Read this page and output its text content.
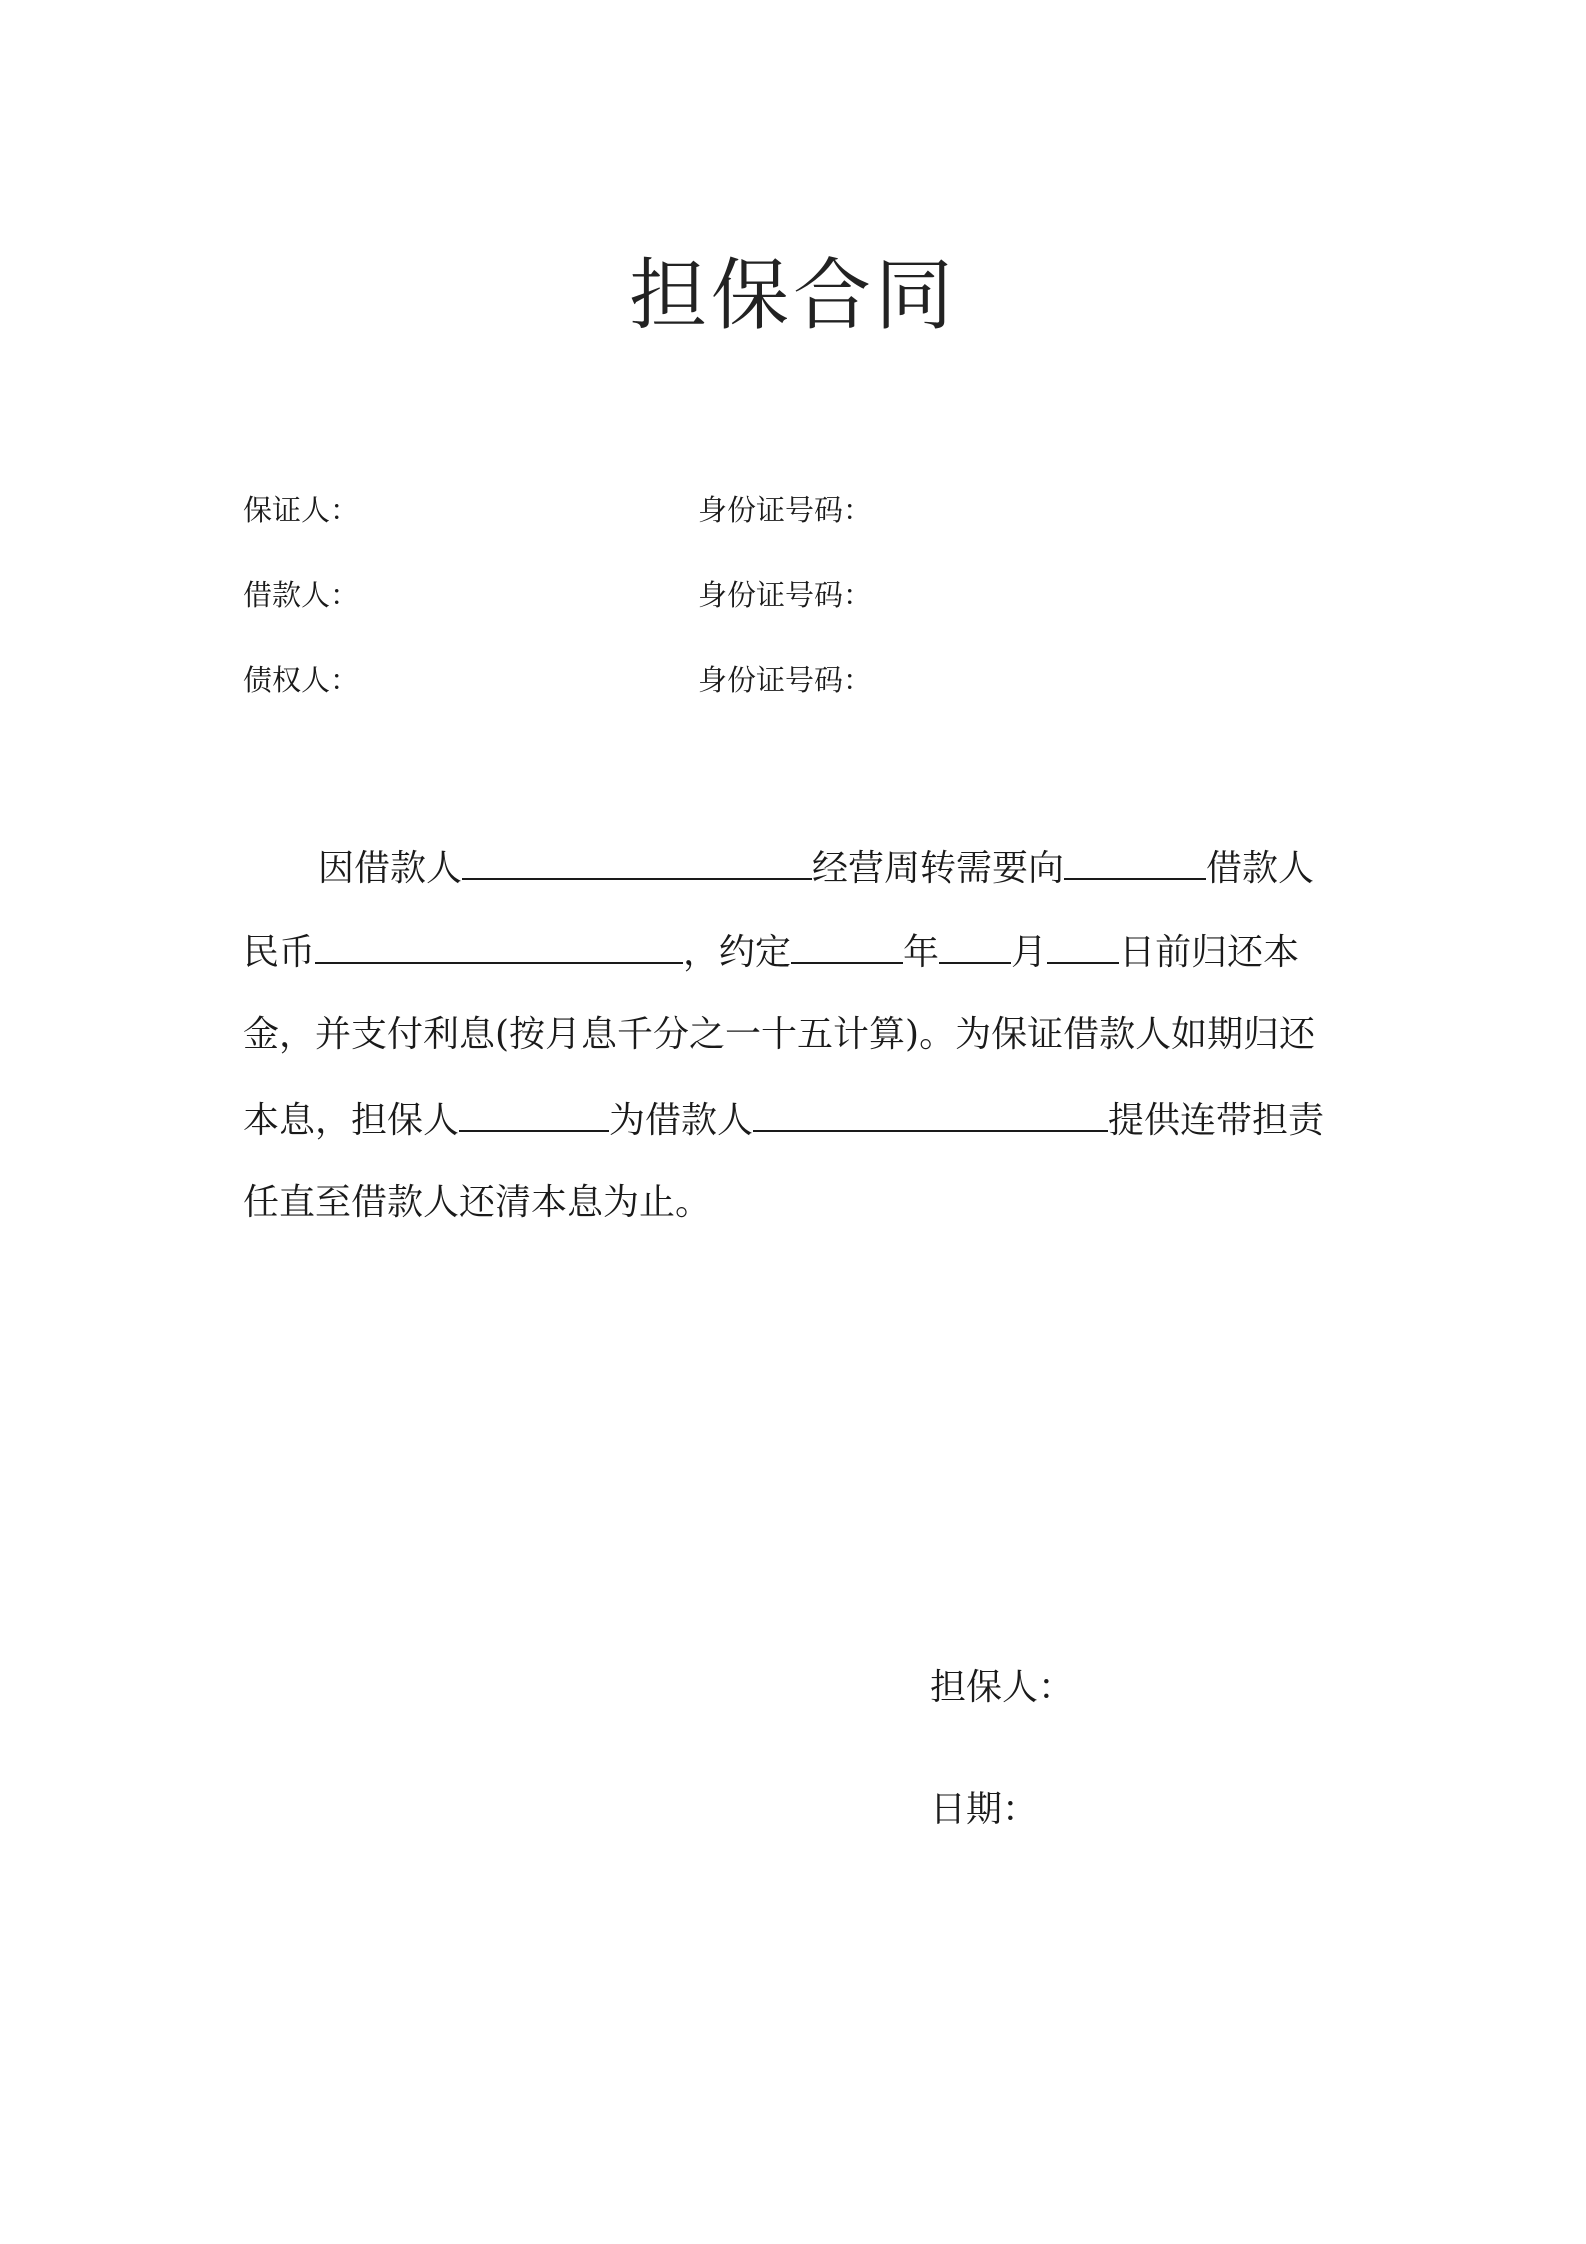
担保合同
保证人：	身份证号码：
借款人：	身份证号码：
债权人：	身份证号码：
因借款人	经营周转需要向	借款人
民币	，约定	年 月 日前归还本
金，并支付利息(按月息千分之一十五计算)。为保证借款人如期归还
本息，担保人	为借款人	提供连带担责
任直至借款人还清本息为止。
担保人：
日期：
